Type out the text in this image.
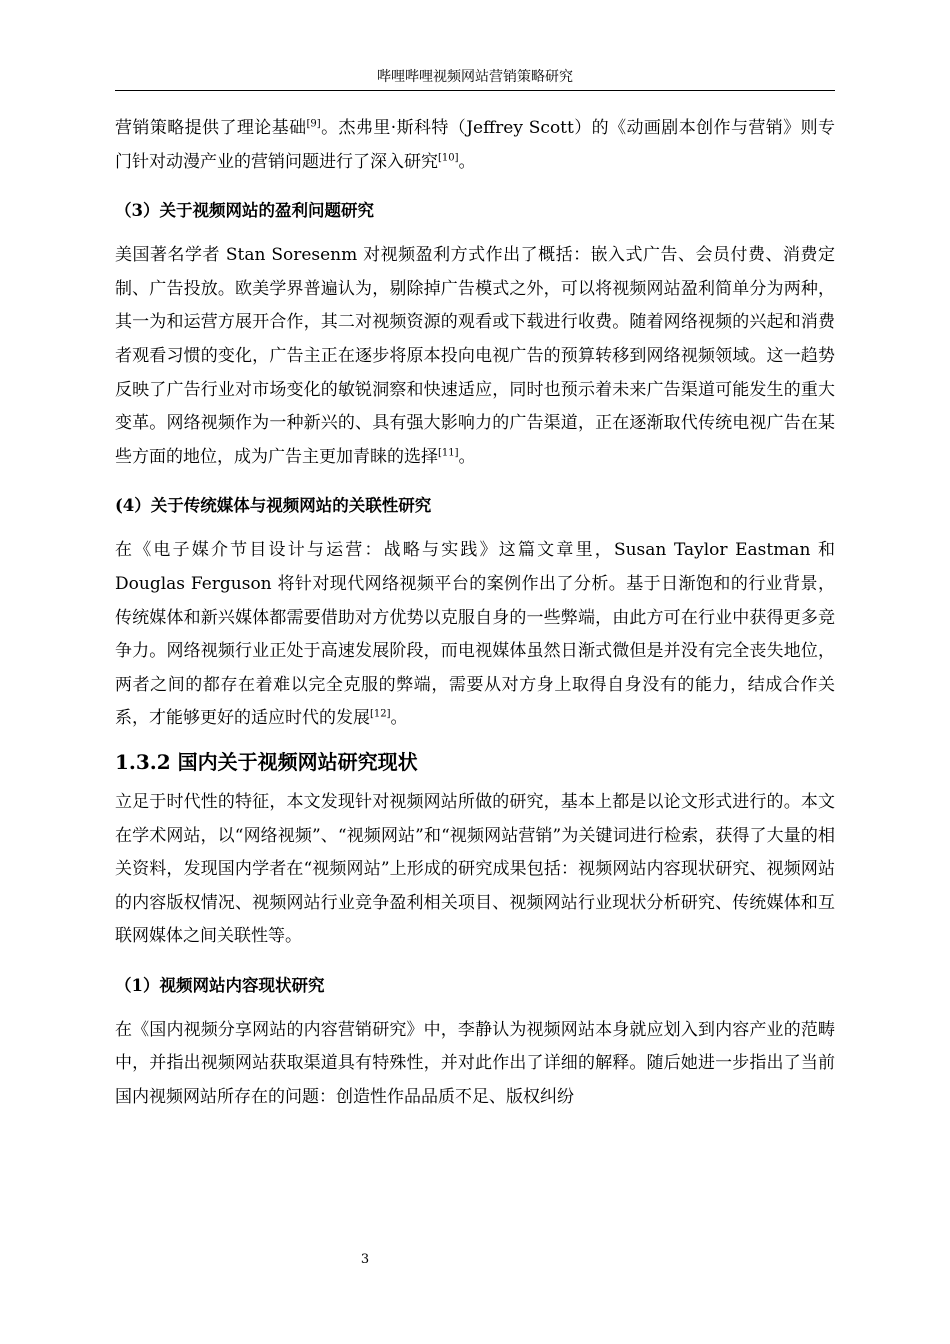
哔哩哔哩视频网站营销策略研究

营销策略提供了理论基础[9]。杰弗里·斯科特（Jeffrey Scott）的《动画剧本创作与营销》则专门针对动漫产业的营销问题进行了深入研究[10]。

（3）关于视频网站的盈利问题研究

美国著名学者 Stan Soresenm 对视频盈利方式作出了概括：嵌入式广告、会员付费、消费定制、广告投放。欧美学界普遍认为，剔除掉广告模式之外，可以将视频网站盈利简单分为两种，其一为和运营方展开合作，其二对视频资源的观看或下载进行收费。随着网络视频的兴起和消费者观看习惯的变化，广告主正在逐步将原本投向电视广告的预算转移到网络视频领域。这一趋势反映了广告行业对市场变化的敏锐洞察和快速适应，同时也预示着未来广告渠道可能发生的重大变革。网络视频作为一种新兴的、具有强大影响力的广告渠道，正在逐渐取代传统电视广告在某些方面的地位，成为广告主更加青睐的选择[11]。

(4）关于传统媒体与视频网站的关联性研究

在《电子媒介节目设计与运营：战略与实践》这篇文章里，Susan Taylor Eastman 和 Douglas Ferguson 将针对现代网络视频平台的案例作出了分析。基于日渐饱和的行业背景，传统媒体和新兴媒体都需要借助对方优势以克服自身的一些弊端，由此方可在行业中获得更多竞争力。网络视频行业正处于高速发展阶段，而电视媒体虽然日渐式微但是并没有完全丧失地位，两者之间的都存在着难以完全克服的弊端，需要从对方身上取得自身没有的能力，结成合作关系，才能够更好的适应时代的发展[12]。

1.3.2 国内关于视频网站研究现状

立足于时代性的特征，本文发现针对视频网站所做的研究，基本上都是以论文形式进行的。本文在学术网站，以“网络视频”、“视频网站”和“视频网站营销”为关键词进行检索，获得了大量的相关资料，发现国内学者在“视频网站”上形成的研究成果包括：视频网站内容现状研究、视频网站的内容版权情况、视频网站行业竞争盈利相关项目、视频网站行业现状分析研究、传统媒体和互联网媒体之间关联性等。

（1）视频网站内容现状研究

在《国内视频分享网站的内容营销研究》中，李静认为视频网站本身就应划入到内容产业的范畴中，并指出视频网站获取渠道具有特殊性，并对此作出了详细的解释。随后她进一步指出了当前国内视频网站所存在的问题：创造性作品品质不足、版权纠纷

3
